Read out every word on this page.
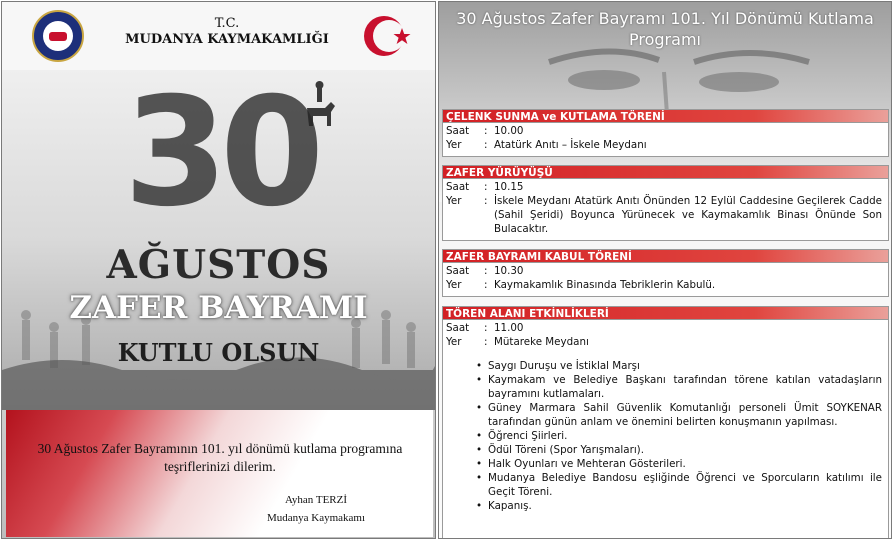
T.C.
MUDANYA KAYMAKAMLIĞI
30
AĞUSTOS
ZAFER BAYRAMI
KUTLU OLSUN
30 Ağustos Zafer Bayramının 101. yıl dönümü kutlama programına teşriflerinizi dilerim.
Ayhan TERZİ
Mudanya Kaymakamı
30 Ağustos Zafer Bayramı 101. Yıl Dönümü Kutlama Programı
ÇELENK SUNMA ve KUTLAMA TÖRENİ
Saat	: 10.00
Yer	: Atatürk Anıtı – İskele Meydanı
ZAFER YÜRÜYÜŞÜ
Saat	: 10.15
Yer	: İskele Meydanı Atatürk Anıtı Önünden 12 Eylül Caddesine Geçilerek Cadde (Sahil Şeridi) Boyunca Yürünecek ve Kaymakamlık Binası Önünde Son Bulacaktır.
ZAFER BAYRAMI KABUL TÖRENİ
Saat	: 10.30
Yer	: Kaymakamlık Binasında Tebriklerin Kabulü.
TÖREN ALANI ETKİNLİKLERİ
Saat	: 11.00
Yer	: Mütareke Meydanı
• Saygı Duruşu ve İstiklal Marşı
• Kaymakam ve Belediye Başkanı tarafından törene katılan vatadaşların bayramını kutlamaları.
• Güney Marmara Sahil Güvenlik Komutanlığı personeli Ümit SOYKENAR tarafından günün anlam ve önemini belirten konuşmanın yapılması.
• Öğrenci Şiirleri.
• Ödül Töreni (Spor Yarışmaları).
• Halk Oyunları ve Mehteran Gösterileri.
• Mudanya Belediye Bandosu eşliğinde Öğrenci ve Sporcuların katılımı ile Geçit Töreni.
• Kapanış.
